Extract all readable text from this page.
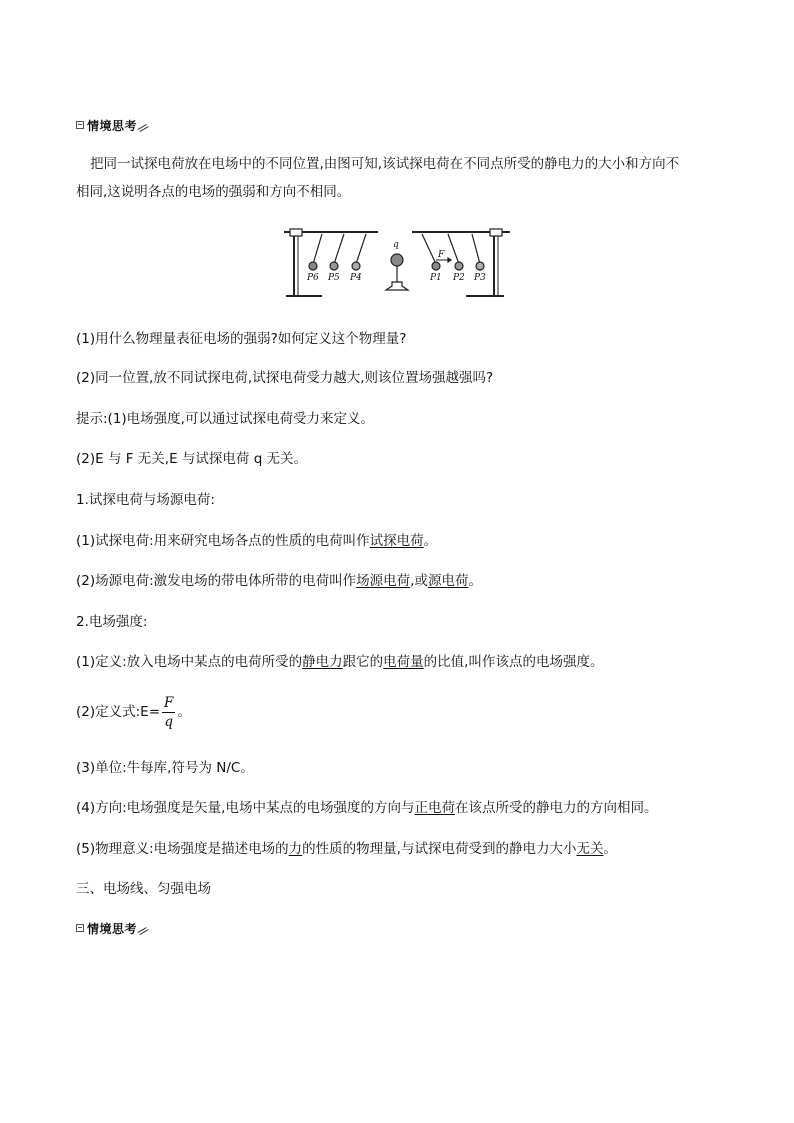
情境思考
把同一试探电荷放在电场中的不同位置,由图可知,该试探电荷在不同点所受的静电力的大小和方向不
相同,这说明各点的电场的强弱和方向不相同。
q
F
P6 P5 P4	P1 P2 P3
(1)用什么物理量表征电场的强弱?如何定义这个物理量?
(2)同一位置,放不同试探电荷,试探电荷受力越大,则该位置场强越强吗?
提示:(1)电场强度,可以通过试探电荷受力来定义。
(2)E 与 F 无关,E 与试探电荷 q 无关。
1.试探电荷与场源电荷:
(1)试探电荷:用来研究电场各点的性质的电荷叫作试探电荷。
(2)场源电荷:激发电场的带电体所带的电荷叫作场源电荷,或源电荷。
2.电场强度:
(1)定义:放入电场中某点的电荷所受的静电力跟它的电荷量的比值,叫作该点的电场强度。
(2)定义式:E= $\frac{F}{q}$ 。
(3)单位:牛每库,符号为 N/C。
(4)方向:电场强度是矢量,电场中某点的电场强度的方向与正电荷在该点所受的静电力的方向相同。
(5)物理意义:电场强度是描述电场的力的性质的物理量,与试探电荷受到的静电力大小无关。
三、电场线、匀强电场
情境思考
